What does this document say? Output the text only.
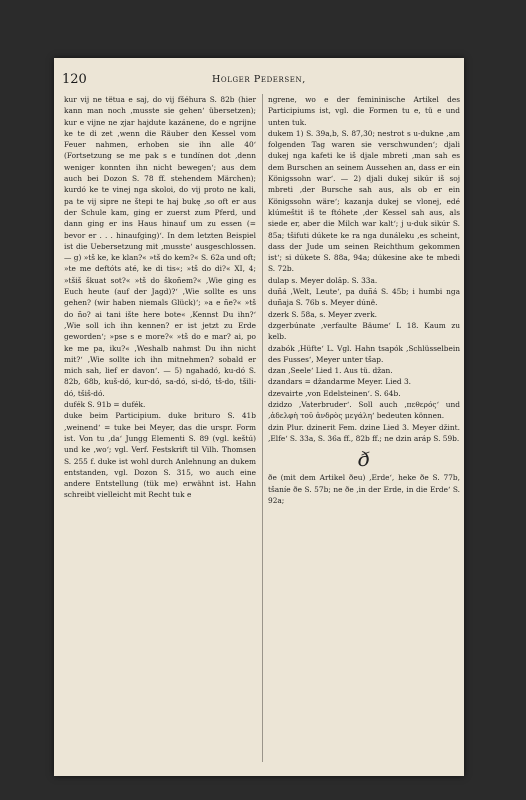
120	Holger Pedersen,

kur vij ne tëtua e saj, do vij fšéhura S. 82b (hier kann man noch ‚musste sie gehen‘ übersetzen); kur e vijne ne zjar hajdute kazánene, do e ngrijne ke te di zet ‚wenn die Räuber den Kessel vom Feuer nahmen, erhoben sie ihn alle 40‘ (Fortsetzung se me pak s e tundínen dot ‚denn weniger konnten ihn nicht bewegen‘; aus dem auch bei Dozon S. 78 ff. stehendem Märchen); kurdó ke te vinej nga skoloi, do vij proto ne kali, pa te vij sipre ne štepi te haj bukę ‚so oft er aus der Schule kam, ging er zuerst zum Pferd, und dann ging er ins Haus hinauf um zu essen (= bevor er . . . hinaufging)‘. In dem letzten Beispiel ist die Uebersetzung mit ‚musste‘ ausgeschlossen. — g) »tš ke, ke klan?« »tš do kem?« S. 62a und oft; »te me deftóts até, ke di tis«; »tš do di?« XI, 4; »tšiš škuat sot?« »tš do škoñem?« ‚Wie ging es Euch heute (auf der Jagd)?‘ ‚Wie sollte es uns gehen? (wir haben niemals Glück)‘; »a e ñe?« »tš do ño? ai tani ište here bote« ‚Kennst Du ihn?‘ ‚Wie soll ich ihn kennen? er ist jetzt zu Erde geworden‘; »pse s e more?« »tš do e mar? ai, po ke me pa, iku?« ‚Weshalb nahmst Du ihn nicht mit?‘ ‚Wie sollte ich ihn mitnehmen? sobald er mich sah, lief er davon‘. — 5) ngahadó, ku-dó S. 82b, 68b, kuš-dó, kur-dó, sa-dó, si-dó, tš-do, tšili-dó, tšiš-dó.

dufék S. 91b = dufék.

duke beim Participium. duke brituro S. 41b ‚weinend‘ = tuke bei Meyer, das die urspr. Form ist. Von tu ‚da‘ Jungg Elementi S. 89 (vgl. keštú) und ke ‚wo‘; vgl. Verf. Festskrift til Vilh. Thomsen S. 255 f. duke ist wohl durch Anlehnung an dukem entstanden, vgl. Dozon S. 315, wo auch eine andere Entstellung (tük me) erwähnt ist. Hahn schreibt vielleicht mit Recht tuk e

ngrene, wo e der femininische Artikel des Participiums ist, vgl. die Formen tu e, tü e und unten tuk.

dukem 1) S. 39a,b, S. 87,30; nestrot s u-dukne ‚am folgenden Tag waren sie verschwunden‘; djali dukej nga kafeti ke iš djale mbreti ‚man sah es dem Burschen an seinem Aussehen an, dass er ein Königssohn war‘. — 2) djali dukej sikúr iš soj mbreti ‚der Bursche sah aus, als ob er ein Königssohn wäre‘; kazanja dukej se vlonej, edé klúmeštit iš te ftóhete ‚der Kessel sah aus, als siede er, aber die Milch war kalt‘; j u-duk sikúr S. 85a; tšifuti dúkete ke ra nga dunáleku ‚es scheint, dass der Jude um seinen Reichthum gekommen ist‘; si dúkete S. 88a, 94a; dúkesine ake te mbedi S. 72b.

dulap s. Meyer dolăp. S. 33a.

duñá ‚Welt, Leute‘, pa duñá S. 45b; i humbi nga duñaja S. 76b s. Meyer dúnë.

dzerk S. 58a, s. Meyer zverk.

dzgerbúnate ‚verfaulte Bäume‘ L 18. Kaum zu kelb.

dzabók ‚Hüfte‘ L. Vgl. Hahn tsapók ‚Schlüsselbein des Fusses‘, Meyer unter tšap.

dzan ‚Seele‘ Lied 1. Aus tü. džan.

dzandars = džandarme Meyer. Lied 3.

dzevairte ‚von Edelsteinen‘. S. 64b.

dzidzo ‚Vaterbruder‘. Soll auch ‚πεθερός‘ und ‚ἀδελφὴ τοῦ ἀνδρὸς μεγάλη‘ bedeuten können.

dzin Plur. dzinerit Fem. dzine Lied 3. Meyer džint. ‚Elfe‘ S. 33a, S. 36a ff., 82b ff.; ne dzin aráp S. 59b.

ð

ðe (mit dem Artikel ðeu) ‚Erde‘, heke ðe S. 77b, tšaníe ðe S. 57b; ne ðe ‚in der Erde, in die Erde‘ S. 92a;
